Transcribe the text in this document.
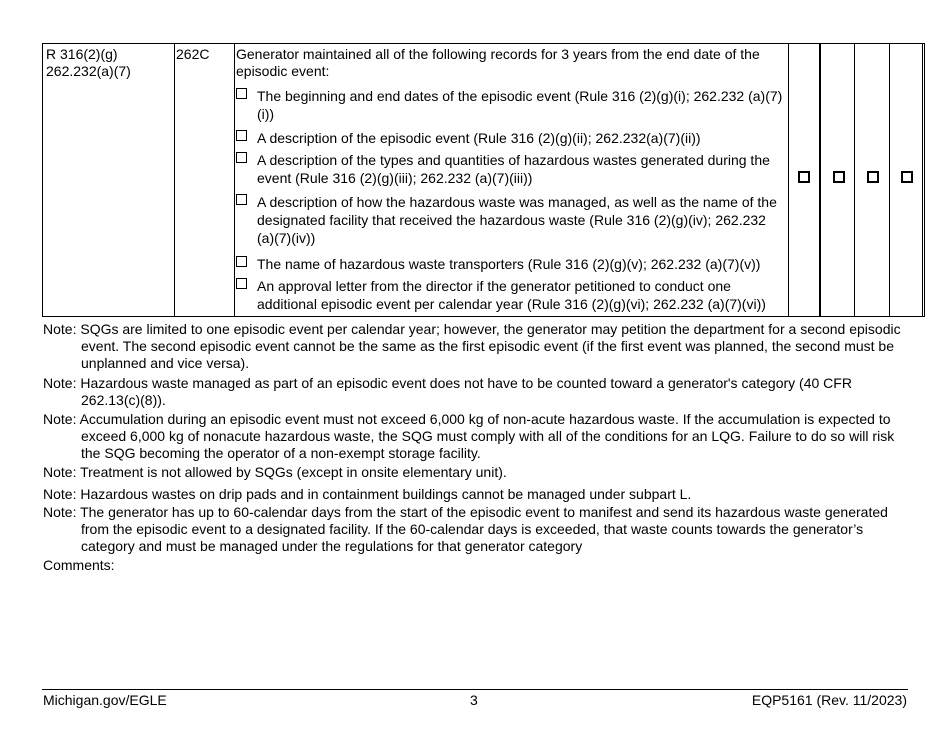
R 316(2)(g)
262.232(a)(7)
262C Generator maintained all of the following records for 3 years from the end date of the episodic event:
The beginning and end dates of the episodic event (Rule 316 (2)(g)(i); 262.232 (a)(7)(i))
A description of the episodic event (Rule 316 (2)(g)(ii); 262.232(a)(7)(ii))
A description of the types and quantities of hazardous wastes generated during the event (Rule 316 (2)(g)(iii); 262.232 (a)(7)(iii))
A description of how the hazardous waste was managed, as well as the name of the designated facility that received the hazardous waste (Rule 316 (2)(g)(iv); 262.232 (a)(7)(iv))
The name of hazardous waste transporters (Rule 316 (2)(g)(v); 262.232 (a)(7)(v))
An approval letter from the director if the generator petitioned to conduct one additional episodic event per calendar year (Rule 316 (2)(g)(vi); 262.232 (a)(7)(vi))
Note: SQGs are limited to one episodic event per calendar year; however, the generator may petition the department for a second episodic event. The second episodic event cannot be the same as the first episodic event (if the first event was planned, the second must be unplanned and vice versa).
Note: Hazardous waste managed as part of an episodic event does not have to be counted toward a generator's category (40 CFR 262.13(c)(8)).
Note: Accumulation during an episodic event must not exceed 6,000 kg of non-acute hazardous waste. If the accumulation is expected to exceed 6,000 kg of nonacute hazardous waste, the SQG must comply with all of the conditions for an LQG. Failure to do so will risk the SQG becoming the operator of a non-exempt storage facility.
Note: Treatment is not allowed by SQGs (except in onsite elementary unit).
Note: Hazardous wastes on drip pads and in containment buildings cannot be managed under subpart L.
Note: The generator has up to 60-calendar days from the start of the episodic event to manifest and send its hazardous waste generated from the episodic event to a designated facility. If the 60-calendar days is exceeded, that waste counts towards the generator’s category and must be managed under the regulations for that generator category
Comments:
Michigan.gov/EGLE	3	EQP5161 (Rev. 11/2023)
